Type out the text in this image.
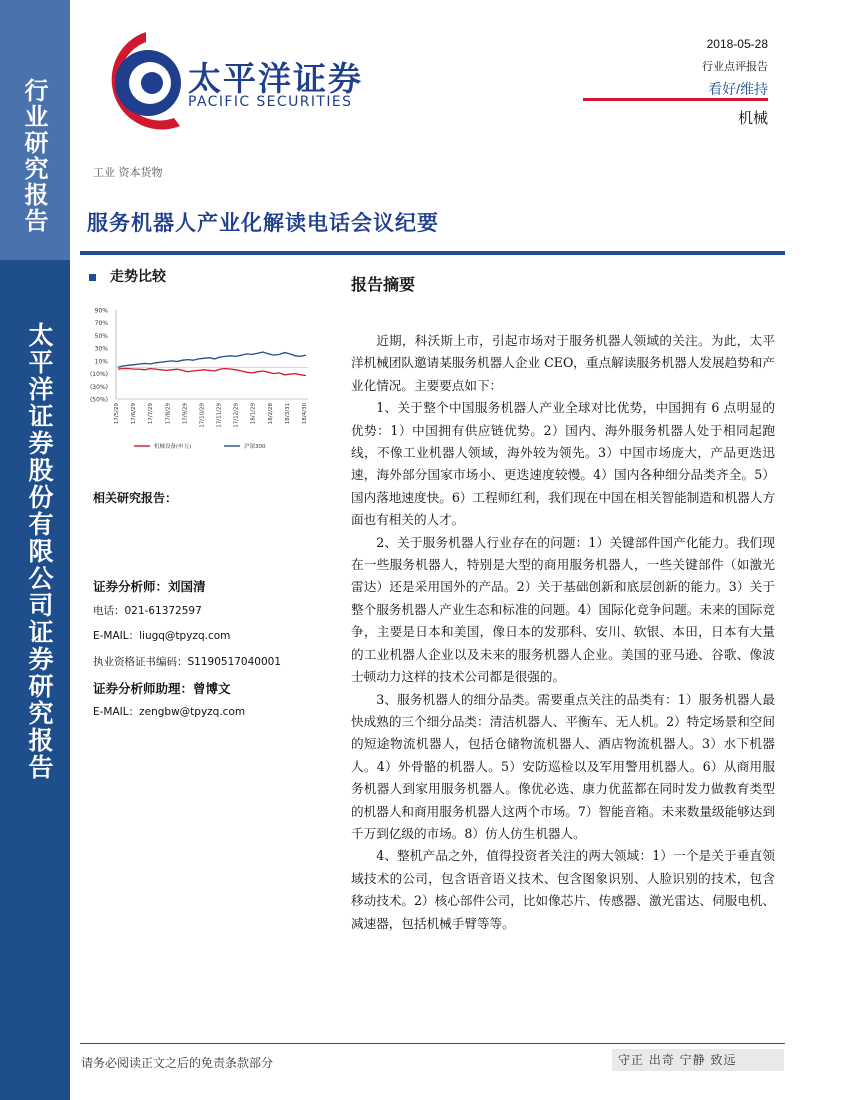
行业研究报告
太平洋证券股份有限公司证券研究报告
太平洋证券
PACIFIC SECURITIES
2018-05-28
行业点评报告
看好/维持
机械
工业 资本货物
服务机器人产业化解读电话会议纪要
走势比较
90%
70%
50%
30%
10%
(10%)
(30%)
(50%)
17/5/29 17/6/29 17/7/29 17/8/29 17/9/29 17/10/29 17/11/29 17/12/29 18/1/29 18/2/28 18/3/31 18/4/30
机械设备(申万)	沪深300
相关研究报告：
证券分析师：刘国清
电话：021-61372597
E-MAIL：liugq@tpyzq.com
执业资格证书编码：S1190517040001
证券分析师助理：曾博文
E-MAIL：zengbw@tpyzq.com
报告摘要

近期，科沃斯上市，引起市场对于服务机器人领域的关注。为此，太平洋机械团队邀请某服务机器人企业 CEO，重点解读服务机器人发展趋势和产业化情况。主要要点如下：

1、关于整个中国服务机器人产业全球对比优势，中国拥有 6 点明显的优势：1）中国拥有供应链优势。2）国内、海外服务机器人处于相同起跑线，不像工业机器人领域，海外较为领先。3）中国市场庞大，产品更迭迅速，海外部分国家市场小、更迭速度较慢。4）国内各种细分品类齐全。5）国内落地速度快。6）工程师红利，我们现在中国在相关智能制造和机器人方面也有相关的人才。

2、关于服务机器人行业存在的问题：1）关键部件国产化能力。我们现在一些服务机器人，特别是大型的商用服务机器人，一些关键部件（如激光雷达）还是采用国外的产品。2）关于基础创新和底层创新的能力。3）关于整个服务机器人产业生态和标准的问题。4）国际化竞争问题。未来的国际竞争，主要是日本和美国，像日本的发那科、安川、软银、本田，日本有大量的工业机器人企业以及未来的服务机器人企业。美国的亚马逊、谷歌、像波士顿动力这样的技术公司都是很强的。

3、服务机器人的细分品类。需要重点关注的品类有：1）服务机器人最快成熟的三个细分品类：清洁机器人、平衡车、无人机。2）特定场景和空间的短途物流机器人，包括仓储物流机器人、酒店物流机器人。3）水下机器人。4）外骨骼的机器人。5）安防巡检以及军用警用机器人。6）从商用服务机器人到家用服务机器人。像优必选、康力优蓝都在同时发力做教育类型的机器人和商用服务机器人这两个市场。7）智能音箱。未来数量级能够达到千万到亿级的市场。8）仿人仿生机器人。

4、整机产品之外，值得投资者关注的两大领域：1）一个是关于垂直领域技术的公司，包含语音语义技术、包含图象识别、人脸识别的技术，包含移动技术。2）核心部件公司，比如像芯片、传感器、激光雷达、伺服电机、减速器，包括机械手臂等等。

请务必阅读正文之后的免责条款部分	守正 出奇 宁静 致远
